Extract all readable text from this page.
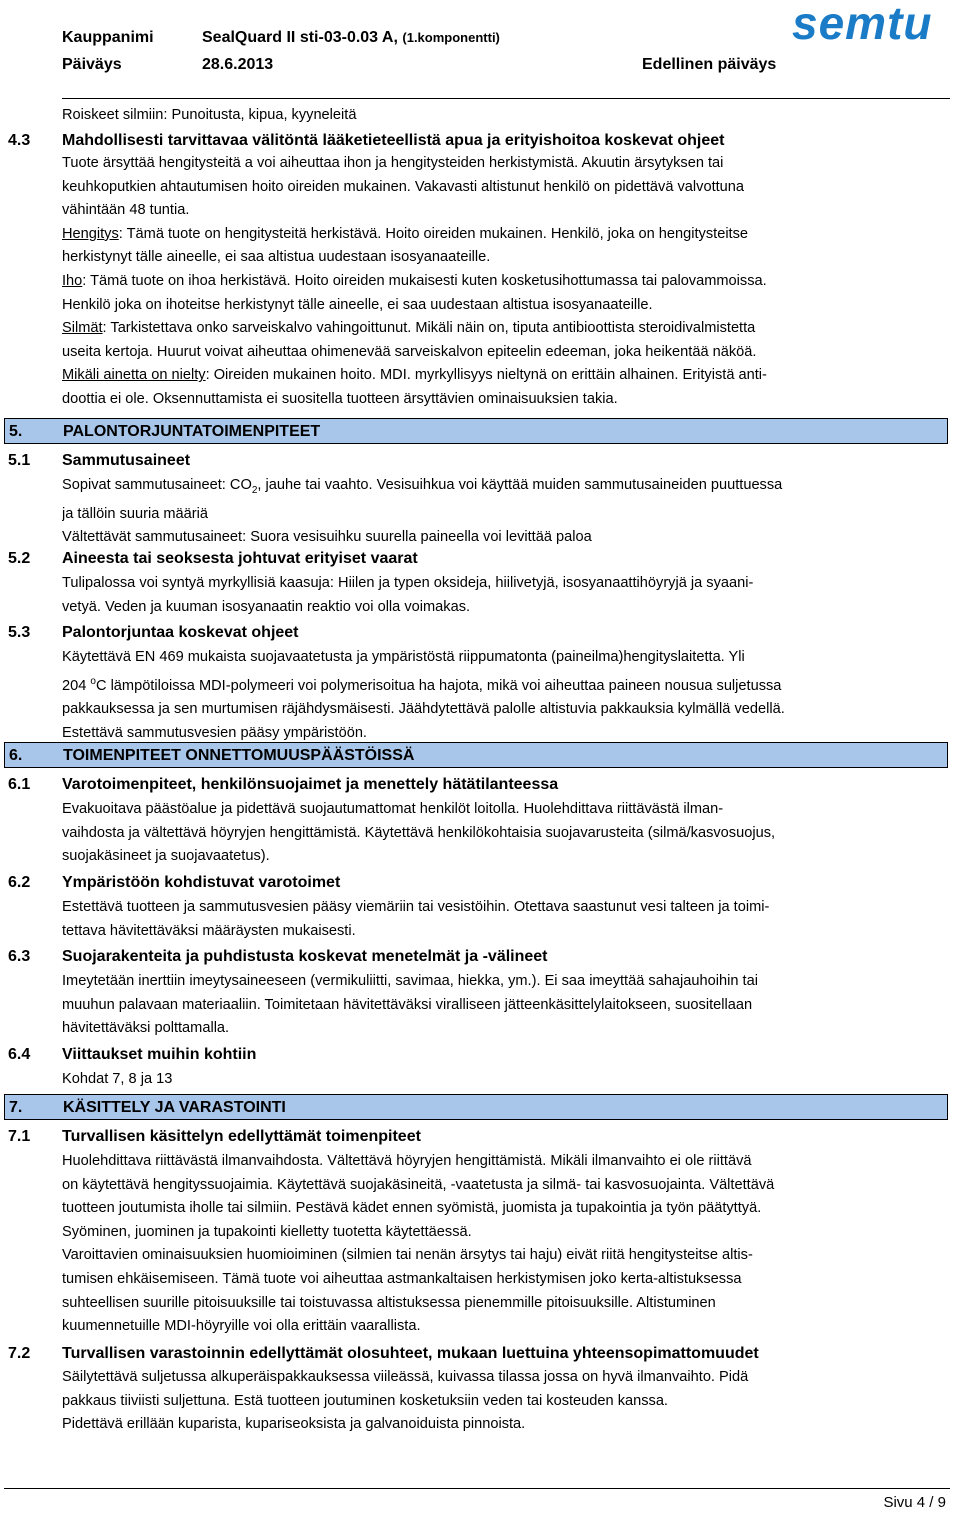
Kauppanimi	SealQuard II sti-03-0.03 A, (1.komponentti)
Päiväys	28.6.2013	Edellinen päiväys
semtu
Roiskeet silmiin: Punoitusta, kipua, kyyneleitä
4.3 Mahdollisesti tarvittavaa välitöntä lääketieteellistä apua ja erityishoitoa koskevat ohjeet
Tuote ärsyttää hengitysteitä a voi aiheuttaa ihon ja hengitysteiden herkistymistä. Akuutin ärsytyksen tai
keuhkoputkien ahtautumisen hoito oireiden mukainen. Vakavasti altistunut henkilö on pidettävä valvottuna
vähintään 48 tuntia.
Hengitys: Tämä tuote on hengitysteitä herkistävä. Hoito oireiden mukainen. Henkilö, joka on hengitysteitse
herkistynyt tälle aineelle, ei saa altistua uudestaan isosyanaateille.
Iho: Tämä tuote on ihoa herkistävä. Hoito oireiden mukaisesti kuten kosketusihottumassa tai palovammoissa.
Henkilö joka on ihoteitse herkistynyt tälle aineelle, ei saa uudestaan altistua isosyanaateille.
Silmät: Tarkistettava onko sarveiskalvo vahingoittunut. Mikäli näin on, tiputa antibioottista steroidivalmistetta
useita kertoja. Huurut voivat aiheuttaa ohimenevää sarveiskalvon epiteelin edeeman, joka heikentää näköä.
Mikäli ainetta on nielty: Oireiden mukainen hoito. MDI. myrkyllisyys nieltynä on erittäin alhainen. Erityistä anti-
doottia ei ole. Oksennuttamista ei suositella tuotteen ärsyttävien ominaisuuksien takia.
5.	PALONTORJUNTATOIMENPITEET
5.1 Sammutusaineet
Sopivat sammutusaineet: $CO_2$, jauhe tai vaahto. Vesisuihkua voi käyttää muiden sammutusaineiden puuttuessa
ja tällöin suuria määriä
Vältettävät sammutusaineet: Suora vesisuihku suurella paineella voi levittää paloa
5.2 Aineesta tai seoksesta johtuvat erityiset vaarat
Tulipalossa voi syntyä myrkyllisiä kaasuja: Hiilen ja typen oksideja, hiilivetyjä, isosyanaattihöyryjä ja syaani-
vetyä. Veden ja kuuman isosyanaatin reaktio voi olla voimakas.
5.3 Palontorjuntaa koskevat ohjeet
Käytettävä EN 469 mukaista suojavaatetusta ja ympäristöstä riippumatonta (paineilma)hengityslaitetta. Yli
204 $^o$C lämpötiloissa MDI-polymeeri voi polymerisoitua ha hajota, mikä voi aiheuttaa paineen nousua suljetussa
pakkauksessa ja sen murtumisen räjähdysmäisesti. Jäähdytettävä palolle altistuvia pakkauksia kylmällä vedellä.
Estettävä sammutusvesien pääsy ympäristöön.
6.	TOIMENPITEET ONNETTOMUUSPÄÄSTÖISSÄ
6.1 Varotoimenpiteet, henkilönsuojaimet ja menettely hätätilanteessa
Evakuoitava päästöalue ja pidettävä suojautumattomat henkilöt loitolla. Huolehdittava riittävästä ilman-
vaihdosta ja vältettävä höyryjen hengittämistä. Käytettävä henkilökohtaisia suojavarusteita (silmä/kasvosuojus,
suojakäsineet ja suojavaatetus).
6.2 Ympäristöön kohdistuvat varotoimet
Estettävä tuotteen ja sammutusvesien pääsy viemäriin tai vesistöihin. Otettava saastunut vesi talteen ja toimi-
tettava hävitettäväksi määräysten mukaisesti.
6.3 Suojarakenteita ja puhdistusta koskevat menetelmät ja -välineet
Imeytetään inerttiin imeytysaineeseen (vermikuliitti, savimaa, hiekka, ym.). Ei saa imeyttää sahajauhoihin tai
muuhun palavaan materiaaliin. Toimitetaan hävitettäväksi viralliseen jätteenkäsittelylaitokseen, suositellaan
hävitettäväksi polttamalla.
6.4 Viittaukset muihin kohtiin
Kohdat 7, 8 ja 13
7.	KÄSITTELY JA VARASTOINTI
7.1 Turvallisen käsittelyn edellyttämät toimenpiteet
Huolehdittava riittävästä ilmanvaihdosta. Vältettävä höyryjen hengittämistä. Mikäli ilmanvaihto ei ole riittävä
on käytettävä hengityssuojaimia. Käytettävä suojakäsineitä, -vaatetusta ja silmä- tai kasvosuojainta. Vältettävä
tuotteen joutumista iholle tai silmiin. Pestävä kädet ennen syömistä, juomista ja tupakointia ja työn päätyttyä.
Syöminen, juominen ja tupakointi kielletty tuotetta käytettäessä.
Varoittavien ominaisuuksien huomioiminen (silmien tai nenän ärsytys tai haju) eivät riitä hengitysteitse altis-
tumisen ehkäisemiseen. Tämä tuote voi aiheuttaa astmankaltaisen herkistymisen joko kerta-altistuksessa
suhteellisen suurille pitoisuuksille tai toistuvassa altistuksessa pienemmille pitoisuuksille. Altistuminen
kuumennetuille MDI-höyryille voi olla erittäin vaarallista.
7.2 Turvallisen varastoinnin edellyttämät olosuhteet, mukaan luettuina yhteensopimattomuudet
Säilytettävä suljetussa alkuperäispakkauksessa viileässä, kuivassa tilassa jossa on hyvä ilmanvaihto. Pidä
pakkaus tiiviisti suljettuna. Estä tuotteen joutuminen kosketuksiin veden tai kosteuden kanssa.
Pidettävä erillään kuparista, kupariseoksista ja galvanoiduista pinnoista.
Sivu 4 / 9
